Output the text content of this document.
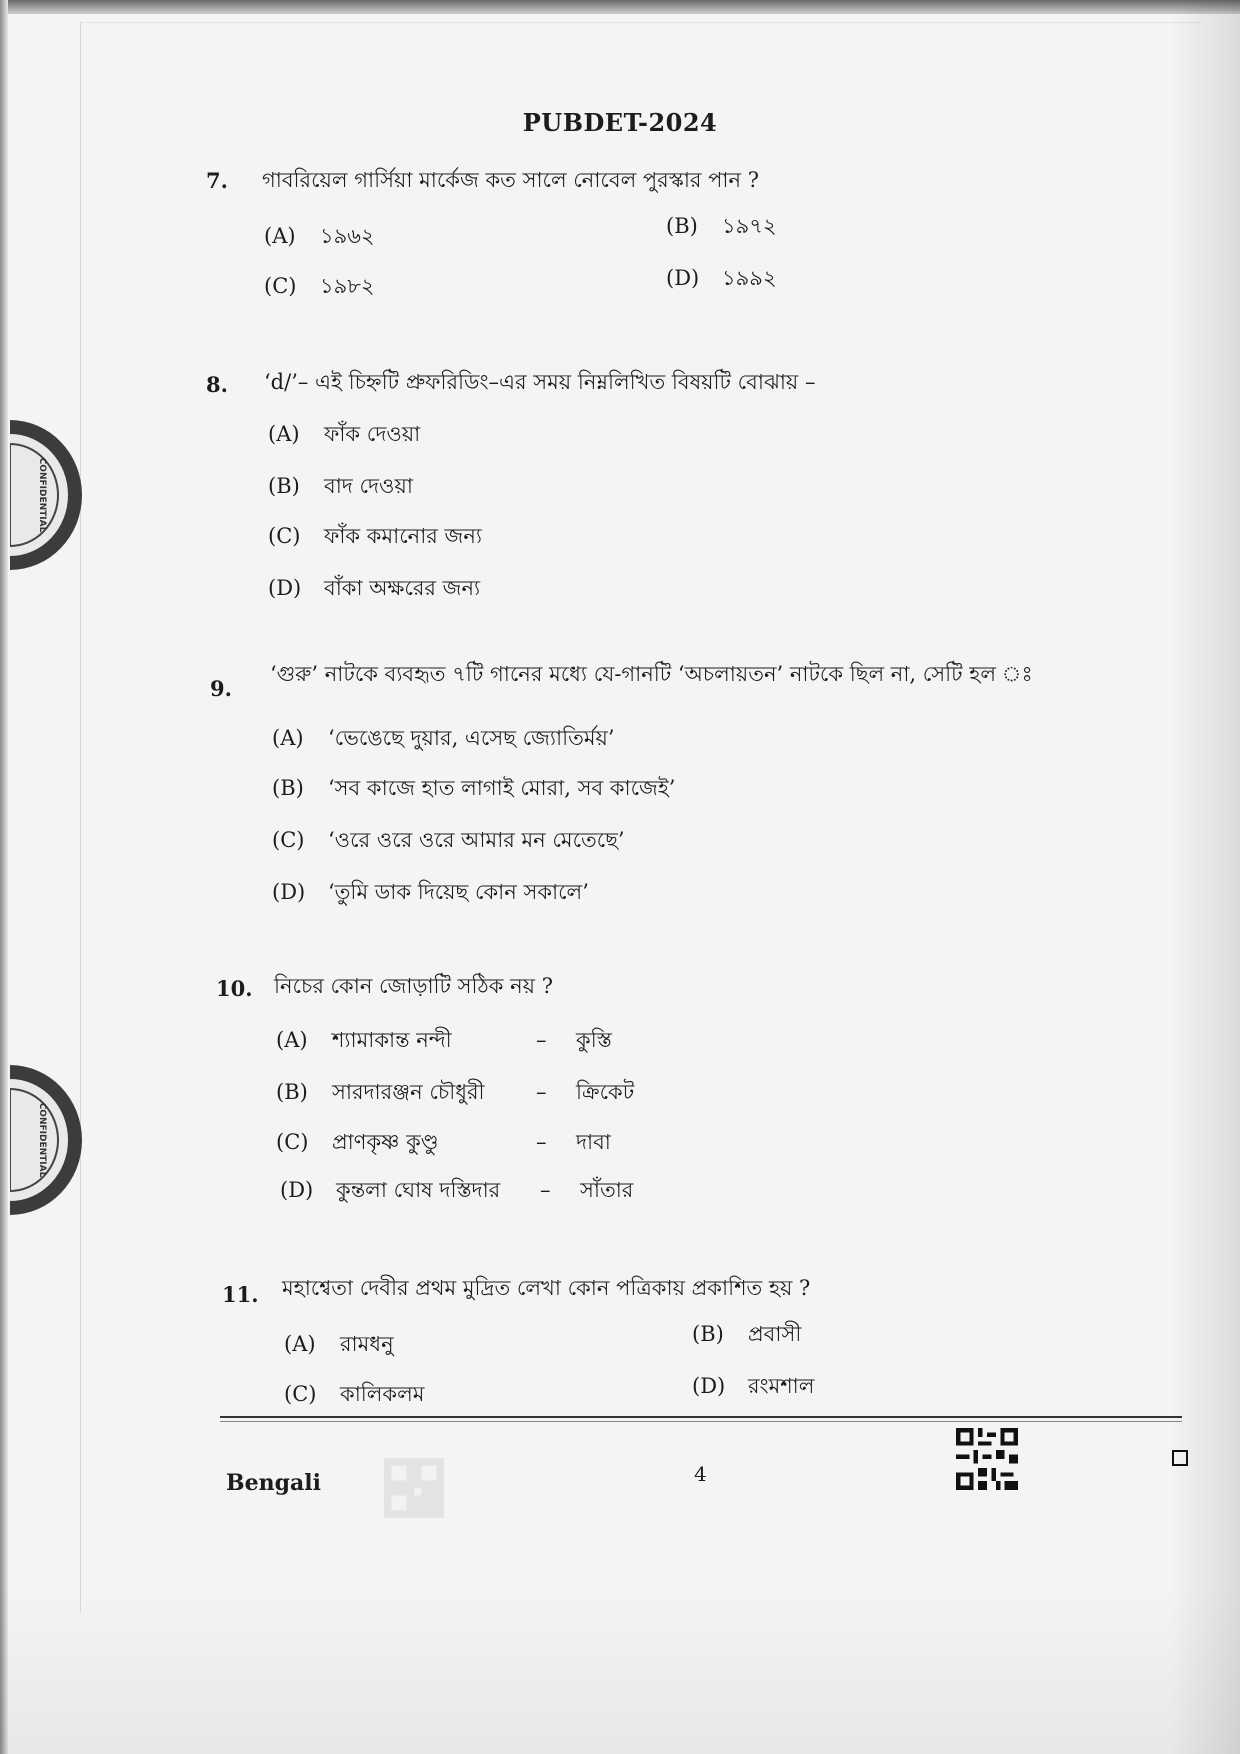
CONFIDENTIAL
CONFIDENTIAL
PUBDET-2024
7. গাবরিয়েল গার্সিয়া মার্কেজ কত সালে নোবেল পুরস্কার পান ?
(A) ১৯৬২	(B) ১৯৭২
(C) ১৯৮২	(D) ১৯৯২
8. ‘d/’– এই চিহ্নটি প্রুফরিডিং–এর সময় নিম্নলিখিত বিষয়টি বোঝায় –
(A) ফাঁক দেওয়া
(B) বাদ দেওয়া
(C) ফাঁক কমানোর জন্য
(D) বাঁকা অক্ষরের জন্য
9.
‘গুরু’ নাটকে ব্যবহৃত ৭টি গানের মধ্যে যে-গানটি ‘অচলায়তন’ নাটকে ছিল না, সেটি হল ঃ
(A) ‘ভেঙেছে দুয়ার, এসেছ জ্যোতির্ময়’
(B) ‘সব কাজে হাত লাগাই মোরা, সব কাজেই’
(C) ‘ওরে ওরে ওরে আমার মন মেতেছে’
(D) ‘তুমি ডাক দিয়েছ কোন সকালে’
10. নিচের কোন জোড়াটি সঠিক নয় ?
(A) শ্যামাকান্ত নন্দী	– কুস্তি
(B) সারদারঞ্জন চৌধুরী – ক্রিকেট
(C) প্রাণকৃষ্ণ কুণ্ডু	– দাবা
(D) কুন্তলা ঘোষ দস্তিদার – সাঁতার
11. মহাশ্বেতা দেবীর প্রথম মুদ্রিত লেখা কোন পত্রিকায় প্রকাশিত হয় ?
(A) রামধনু	(B) প্রবাসী
(C) কালিকলম	(D) রংমশাল
Bengali	4
